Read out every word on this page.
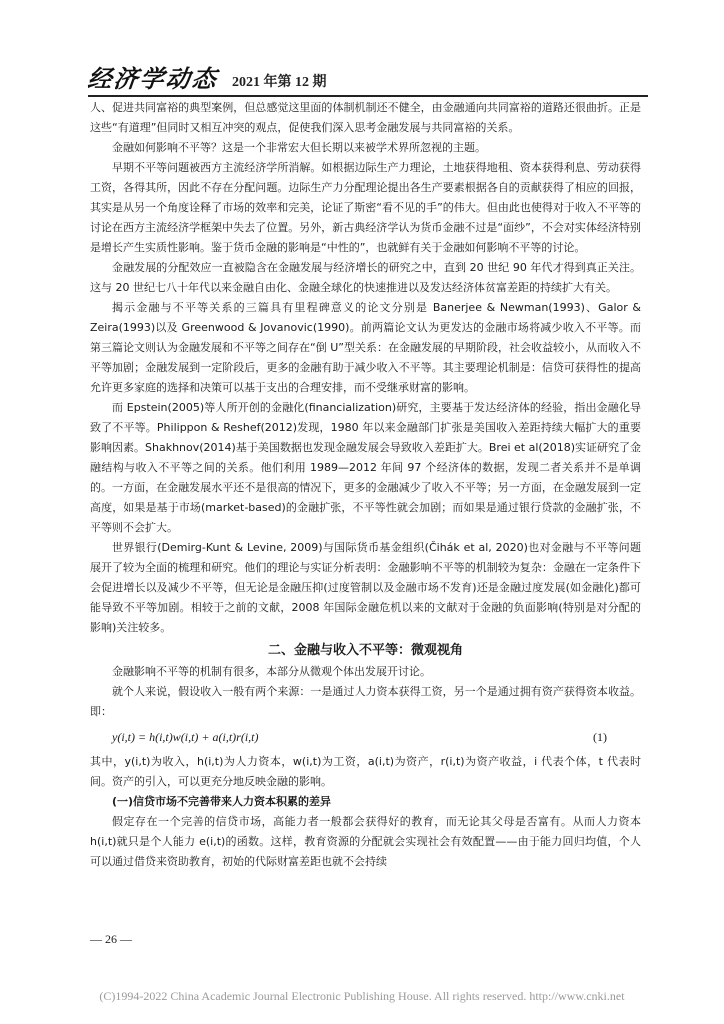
经济学动态 2021 年第 12 期

人、促进共同富裕的典型案例，但总感觉这里面的体制机制还不健全，由金融通向共同富裕的道路还很曲折。正是这些“有道理”但同时又相互冲突的观点，促使我们深入思考金融发展与共同富裕的关系。

金融如何影响不平等？这是一个非常宏大但长期以来被学术界所忽视的主题。

早期不平等问题被西方主流经济学所消解。如根据边际生产力理论，土地获得地租、资本获得利息、劳动获得工资，各得其所，因此不存在分配问题。边际生产力分配理论提出各生产要素根据各自的贡献获得了相应的回报，其实是从另一个角度诠释了市场的效率和完美，论证了斯密“看不见的手”的伟大。但由此也使得对于收入不平等的讨论在西方主流经济学框架中失去了位置。另外，新古典经济学认为货币金融不过是“面纱”，不会对实体经济特别是增长产生实质性影响。鉴于货币金融的影响是“中性的”，也就鲜有关于金融如何影响不平等的讨论。

金融发展的分配效应一直被隐含在金融发展与经济增长的研究之中，直到 20 世纪 90 年代才得到真正关注。这与 20 世纪七八十年代以来金融自由化、金融全球化的快速推进以及发达经济体贫富差距的持续扩大有关。

揭示金融与不平等关系的三篇具有里程碑意义的论文分别是 Banerjee & Newman(1993)、Galor & Zeira(1993)以及 Greenwood & Jovanovic(1990)。前两篇论文认为更发达的金融市场将减少收入不平等。而第三篇论文则认为金融发展和不平等之间存在“倒 U”型关系：在金融发展的早期阶段，社会收益较小，从而收入不平等加剧；金融发展到一定阶段后，更多的金融有助于减少收入不平等。其主要理论机制是：信贷可获得性的提高允许更多家庭的选择和决策可以基于支出的合理安排，而不受继承财富的影响。

而 Epstein(2005)等人所开创的金融化(financialization)研究，主要基于发达经济体的经验，指出金融化导致了不平等。Philippon & Reshef(2012)发现，1980 年以来金融部门扩张是美国收入差距持续大幅扩大的重要影响因素。Shakhnov(2014)基于美国数据也发现金融发展会导致收入差距扩大。Brei et al(2018)实证研究了金融结构与收入不平等之间的关系。他们利用 1989—2012 年间 97 个经济体的数据，发现二者关系并不是单调的。一方面，在金融发展水平还不是很高的情况下，更多的金融减少了收入不平等；另一方面，在金融发展到一定高度，如果是基于市场(market-based)的金融扩张，不平等性就会加剧；而如果是通过银行贷款的金融扩张，不平等则不会扩大。

世界银行(Demirg-Kunt & Levine, 2009)与国际货币基金组织(Čihák et al, 2020)也对金融与不平等问题展开了较为全面的梳理和研究。他们的理论与实证分析表明：金融影响不平等的机制较为复杂：金融在一定条件下会促进增长以及减少不平等，但无论是金融压抑(过度管制以及金融市场不发育)还是金融过度发展(如金融化)都可能导致不平等加剧。相较于之前的文献，2008 年国际金融危机以来的文献对于金融的负面影响(特别是对分配的影响)关注较多。

二、金融与收入不平等：微观视角

金融影响不平等的机制有很多，本部分从微观个体出发展开讨论。

就个人来说，假设收入一般有两个来源：一是通过人力资本获得工资，另一个是通过拥有资产获得资本收益。即：

y(i,t) = h(i,t)w(i,t) + a(i,t)r(i,t)	(1)

其中，y(i,t)为收入，h(i,t)为人力资本，w(i,t)为工资，a(i,t)为资产，r(i,t)为资产收益，i 代表个体，t 代表时间。资产的引入，可以更充分地反映金融的影响。

(一)信贷市场不完善带来人力资本积累的差异

假定存在一个完善的信贷市场，高能力者一般都会获得好的教育，而无论其父母是否富有。从而人力资本 h(i,t)就只是个人能力 e(i,t)的函数。这样，教育资源的分配就会实现社会有效配置——由于能力回归均值，个人可以通过借贷来资助教育，初始的代际财富差距也就不会持续

— 26 —
(C)1994-2022 China Academic Journal Electronic Publishing House. All rights reserved. http://www.cnki.net
